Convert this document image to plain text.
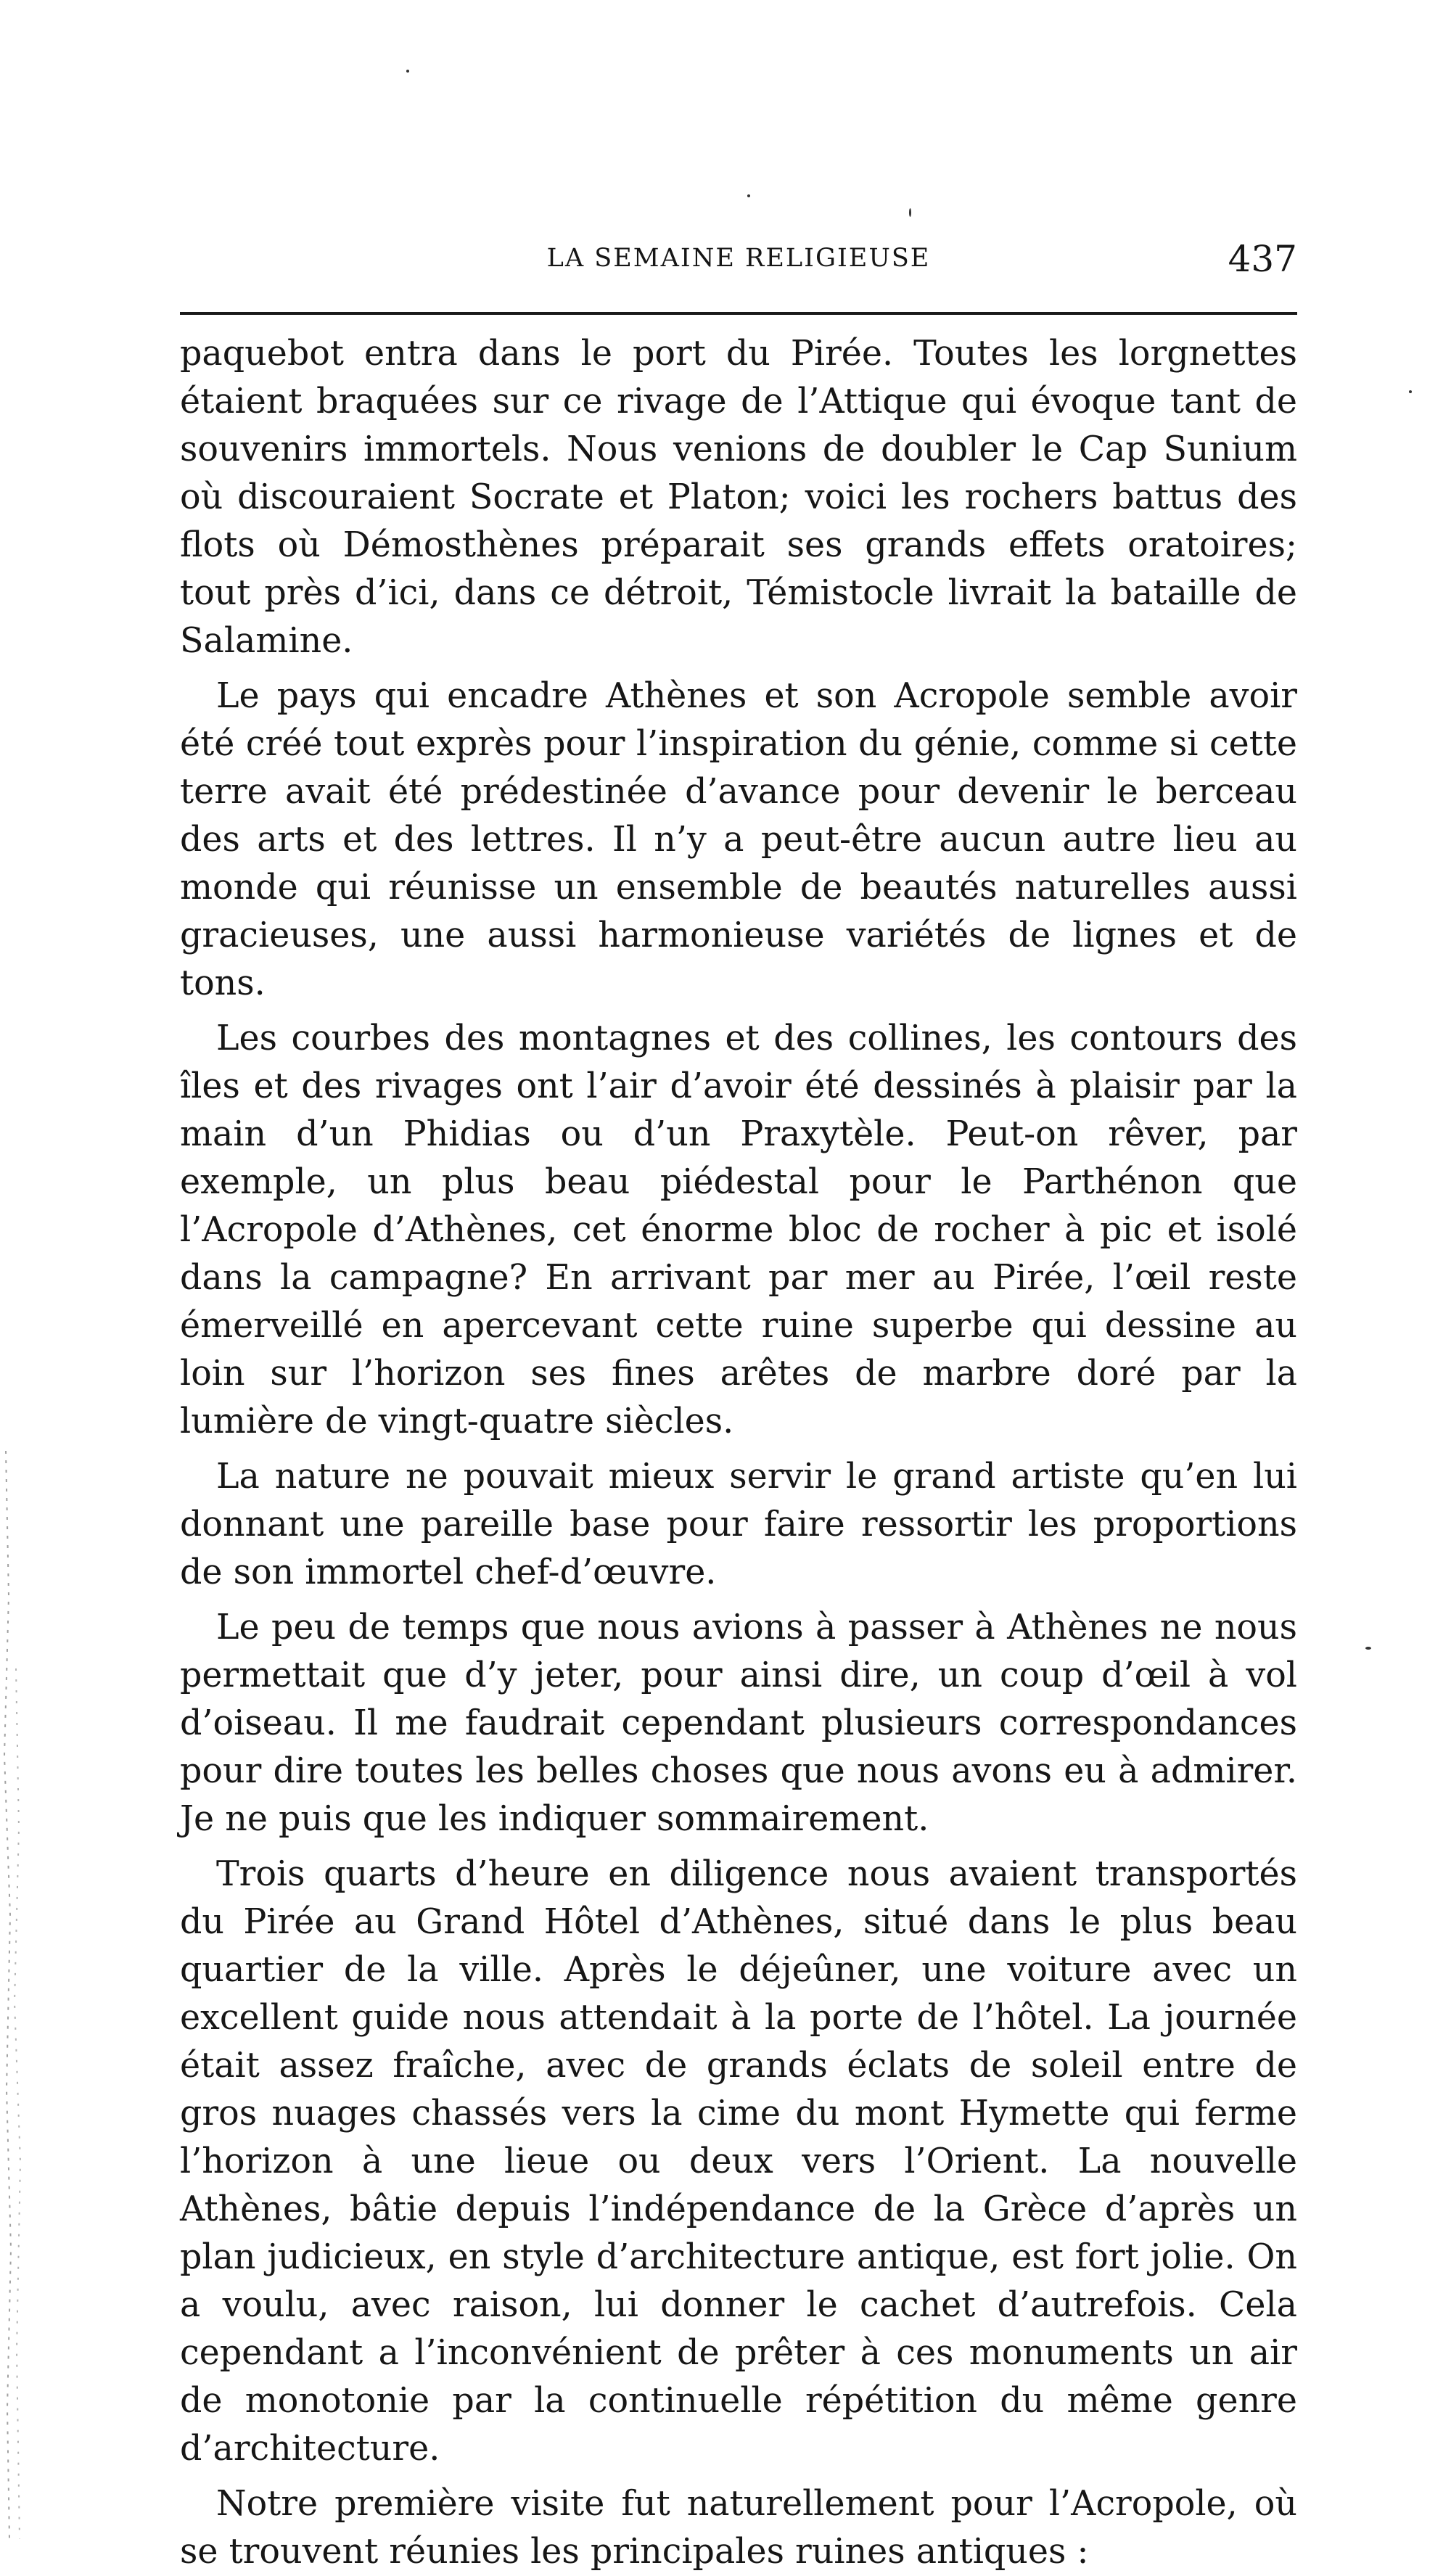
LA SEMAINE RELIGIEUSE	437

paquebot entra dans le port du Pirée. Toutes les lorgnettes étaient braquées sur ce rivage de l’Attique qui évoque tant de souvenirs immortels. Nous venions de doubler le Cap Sunium où discouraient Socrate et Platon; voici les rochers battus des flots où Démosthènes préparait ses grands effets oratoires; tout près d’ici, dans ce détroit, Témistocle livrait la bataille de Salamine.

Le pays qui encadre Athènes et son Acropole semble avoir été créé tout exprès pour l’inspiration du génie, comme si cette terre avait été prédestinée d’avance pour devenir le berceau des arts et des lettres. Il n’y a peut-être aucun autre lieu au monde qui réunisse un ensemble de beautés naturelles aussi gracieuses, une aussi harmonieuse variétés de lignes et de tons.

Les courbes des montagnes et des collines, les contours des îles et des rivages ont l’air d’avoir été dessinés à plaisir par la main d’un Phidias ou d’un Praxytèle. Peut-on rêver, par exemple, un plus beau piédestal pour le Parthénon que l’Acropole d’Athènes, cet énorme bloc de rocher à pic et isolé dans la campagne? En arrivant par mer au Pirée, l’œil reste émerveillé en apercevant cette ruine superbe qui dessine au loin sur l’horizon ses fines arêtes de marbre doré par la lumière de vingt-quatre siècles.

La nature ne pouvait mieux servir le grand artiste qu’en lui donnant une pareille base pour faire ressortir les proportions de son immortel chef-d’œuvre.

Le peu de temps que nous avions à passer à Athènes ne nous permettait que d’y jeter, pour ainsi dire, un coup d’œil à vol d’oiseau. Il me faudrait cependant plusieurs correspondances pour dire toutes les belles choses que nous avons eu à admirer. Je ne puis que les indiquer sommairement.

Trois quarts d’heure en diligence nous avaient transportés du Pirée au Grand Hôtel d’Athènes, situé dans le plus beau quartier de la ville. Après le déjeûner, une voiture avec un excellent guide nous attendait à la porte de l’hôtel. La journée était assez fraîche, avec de grands éclats de soleil entre de gros nuages chassés vers la cime du mont Hymette qui ferme l’horizon à une lieue ou deux vers l’Orient. La nouvelle Athènes, bâtie depuis l’indépendance de la Grèce d’après un plan judicieux, en style d’architecture antique, est fort jolie. On a voulu, avec raison, lui donner le cachet d’autrefois. Cela cependant a l’inconvénient de prêter à ces monuments un air de monotonie par la continuelle répétition du même genre d’architecture.

Notre première visite fut naturellement pour l’Acropole, où se trouvent réunies les principales ruines antiques :
